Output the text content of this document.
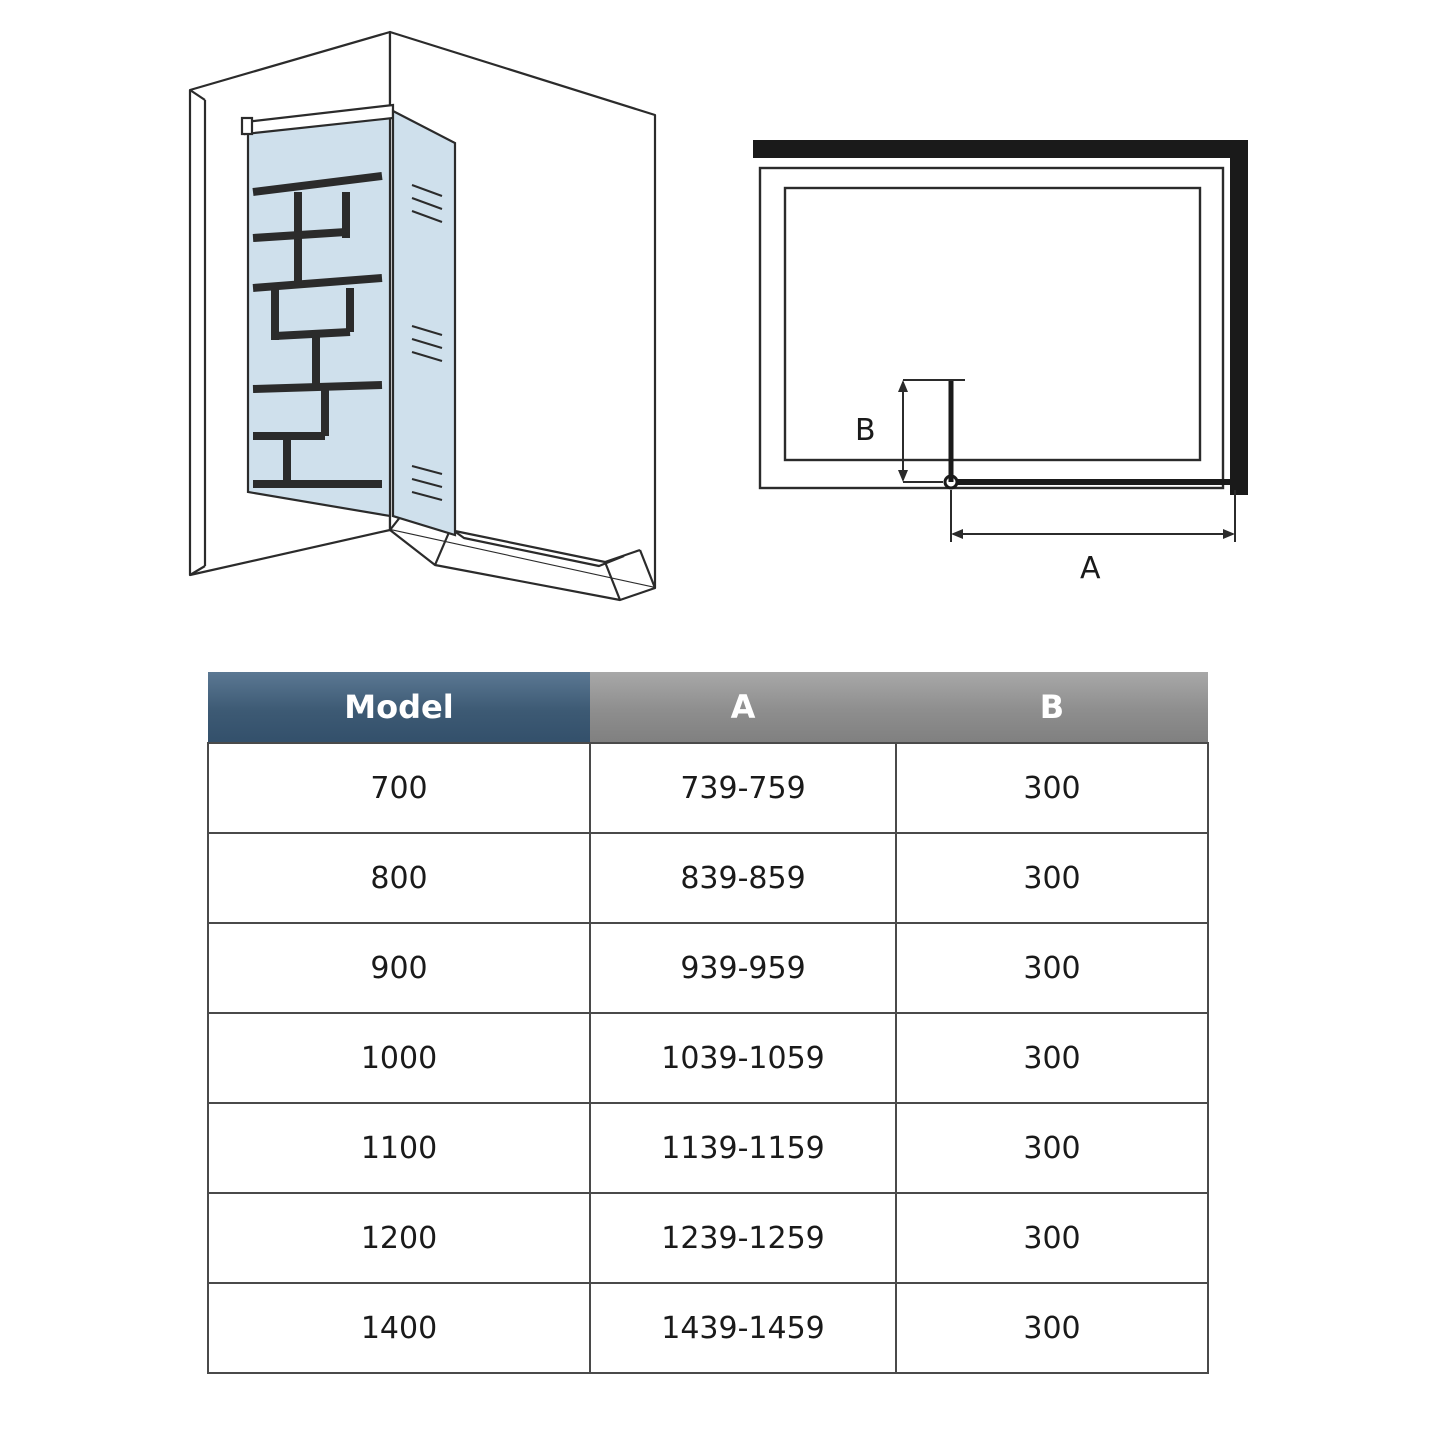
B
A
Model	A	B
700	739-759	300
800	839-859	300
900	939-959	300
1000	1039-1059	300
1100	1139-1159	300
1200	1239-1259	300
1400	1439-1459	300
